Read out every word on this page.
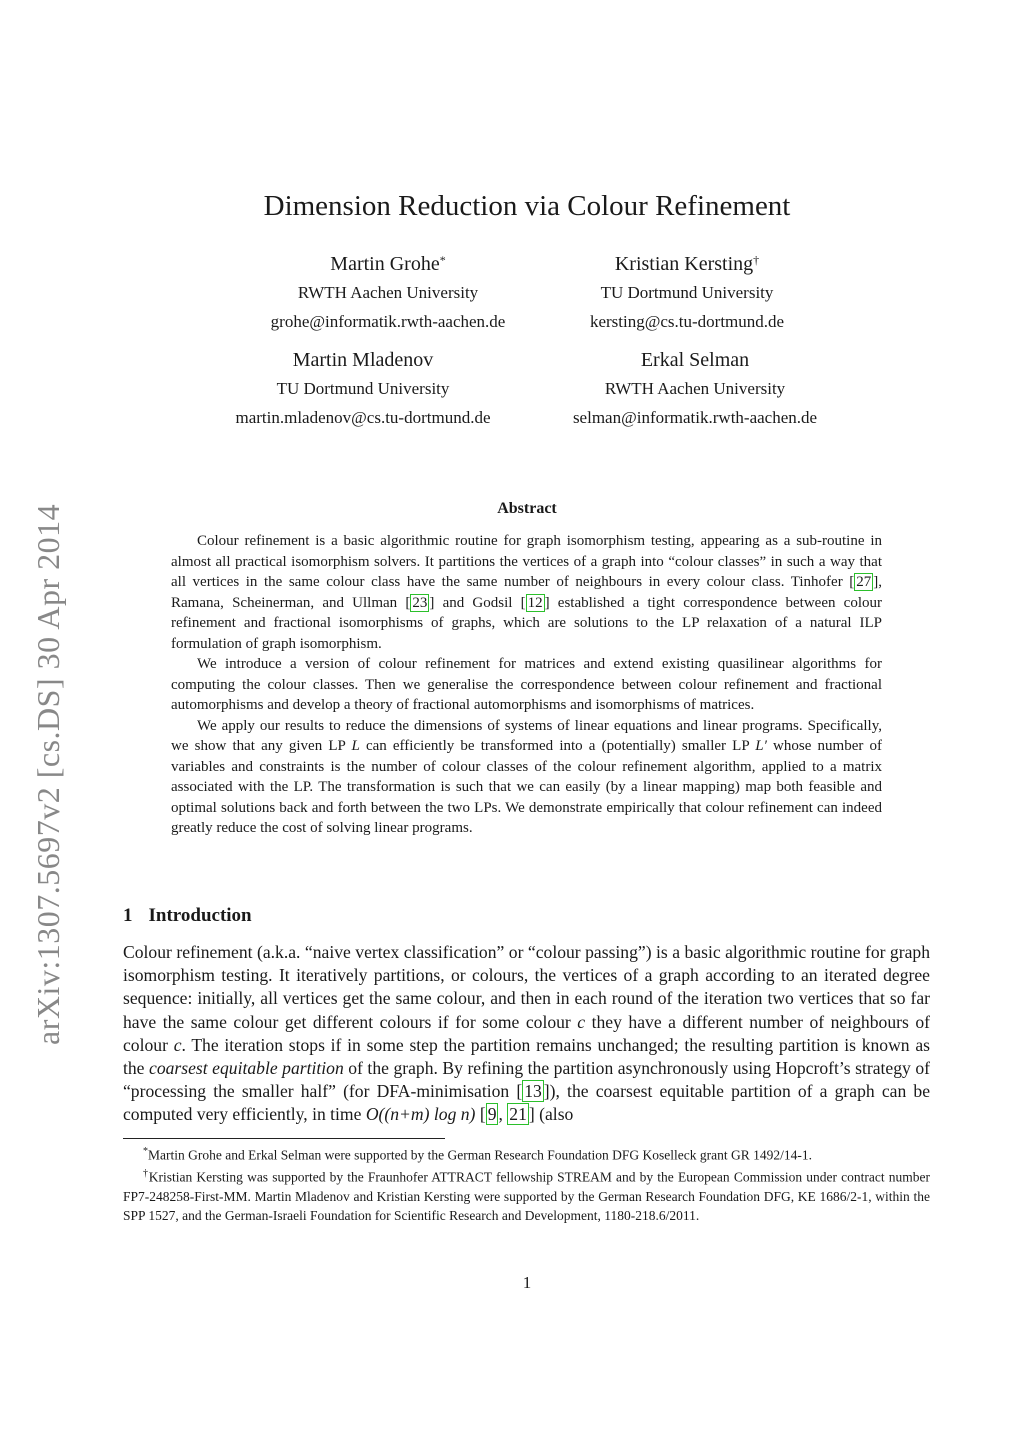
arXiv:1307.5697v2 [cs.DS] 30 Apr 2014
Dimension Reduction via Colour Refinement
Martin Grohe*
RWTH Aachen University
grohe@informatik.rwth-aachen.de
Kristian Kersting†
TU Dortmund University
kersting@cs.tu-dortmund.de
Martin Mladenov
TU Dortmund University
martin.mladenov@cs.tu-dortmund.de
Erkal Selman
RWTH Aachen University
selman@informatik.rwth-aachen.de
Abstract

Colour refinement is a basic algorithmic routine for graph isomorphism testing, appearing as a sub-routine in almost all practical isomorphism solvers. It partitions the vertices of a graph into “colour classes” in such a way that all vertices in the same colour class have the same number of neighbours in every colour class. Tinhofer [ 27 ], Ramana, Scheinerman, and Ullman [ 23 ] and Godsil [ 12 ] established a tight correspondence between colour refinement and fractional isomorphisms of graphs, which are solutions to the LP relaxation of a natural ILP formulation of graph isomorphism.

We introduce a version of colour refinement for matrices and extend existing quasilinear algorithms for computing the colour classes. Then we generalise the correspondence between colour refinement and fractional automorphisms and develop a theory of fractional automorphisms and isomorphisms of matrices.

We apply our results to reduce the dimensions of systems of linear equations and linear programs. Specifically, we show that any given LP L can efficiently be transformed into a (potentially) smaller LP L′ whose number of variables and constraints is the number of colour classes of the colour refinement algorithm, applied to a matrix associated with the LP. The transformation is such that we can easily (by a linear mapping) map both feasible and optimal solutions back and forth between the two LPs. We demonstrate empirically that colour refinement can indeed greatly reduce the cost of solving linear programs.

1 Introduction

Colour refinement (a.k.a. “naive vertex classification” or “colour passing”) is a basic algorithmic routine for graph isomorphism testing. It iteratively partitions, or colours, the vertices of a graph according to an iterated degree sequence: initially, all vertices get the same colour, and then in each round of the iteration two vertices that so far have the same colour get different colours if for some colour c they have a different number of neighbours of colour c. The iteration stops if in some step the partition remains unchanged; the resulting partition is known as the coarsest equitable partition of the graph. By refining the partition asynchronously using Hopcroft’s strategy of “processing the smaller half” (for DFA-minimisation [ 13 ]), the coarsest equitable partition of a graph can be computed very efficiently, in time O((n+m) log n) [ 9 , 21 ] (also

*Martin Grohe and Erkal Selman were supported by the German Research Foundation DFG Koselleck grant GR 1492/14-1.

†Kristian Kersting was supported by the Fraunhofer ATTRACT fellowship STREAM and by the European Commission under contract number FP7-248258-First-MM. Martin Mladenov and Kristian Kersting were supported by the German Research Foundation DFG, KE 1686/2-1, within the SPP 1527, and the German-Israeli Foundation for Scientific Research and Development, 1180-218.6/2011.

1
